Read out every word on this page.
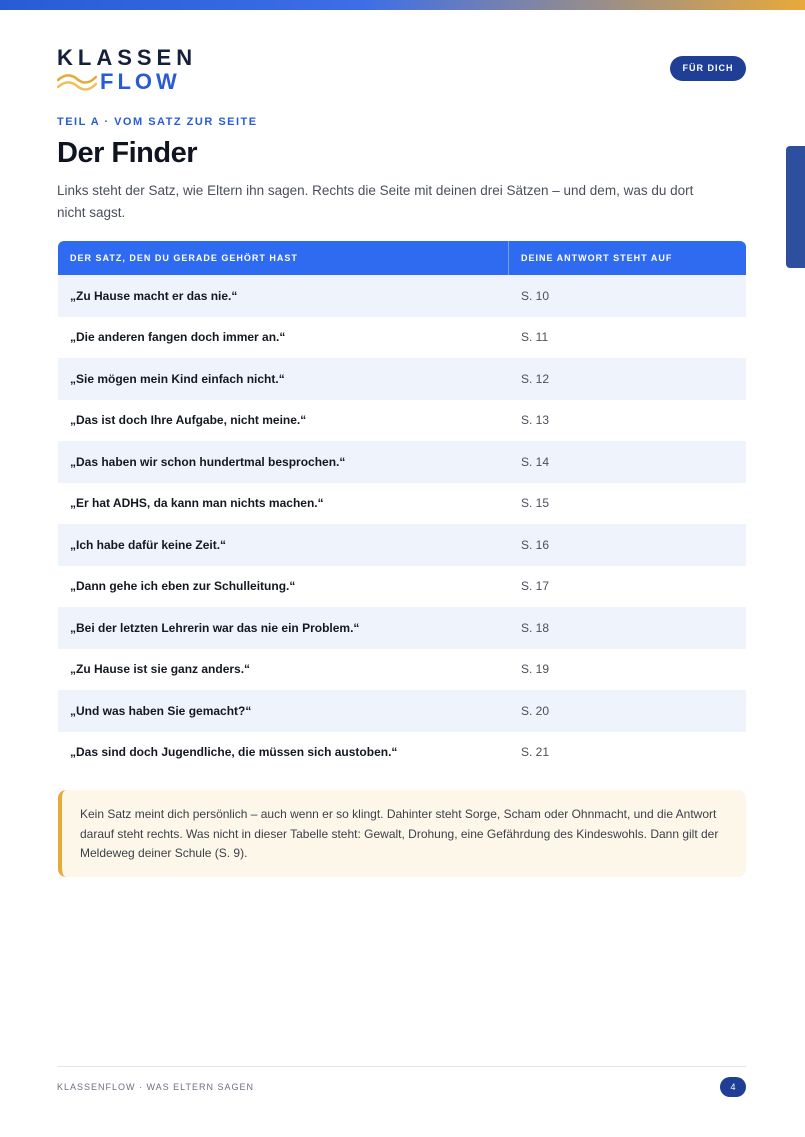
KLASSEN
FLOW
FÜR DICH
TEIL A · VOM SATZ ZUR SEITE
Der Finder

Links steht der Satz, wie Eltern ihn sagen. Rechts die Seite mit deinen drei Sätzen – und dem, was du dort nicht sagst.

DER SATZ, DEN DU GERADE GEHÖRT HAST	DEINE ANTWORT STEHT AUF
„Zu Hause macht er das nie.“	S. 10
„Die anderen fangen doch immer an.“	S. 11
„Sie mögen mein Kind einfach nicht.“	S. 12
„Das ist doch Ihre Aufgabe, nicht meine.“	S. 13
„Das haben wir schon hundertmal besprochen.“	S. 14
„Er hat ADHS, da kann man nichts machen.“	S. 15
„Ich habe dafür keine Zeit.“	S. 16
„Dann gehe ich eben zur Schulleitung.“	S. 17
„Bei der letzten Lehrerin war das nie ein Problem.“	S. 18
„Zu Hause ist sie ganz anders.“	S. 19
„Und was haben Sie gemacht?“	S. 20
„Das sind doch Jugendliche, die müssen sich austoben.“	S. 21

Kein Satz meint dich persönlich – auch wenn er so klingt. Dahinter steht Sorge, Scham oder Ohnmacht, und die Antwort darauf steht rechts. Was nicht in dieser Tabelle steht: Gewalt, Drohung, eine Gefährdung des Kindeswohls. Dann gilt der Meldeweg deiner Schule (S. 9).

KLASSENFLOW · WAS ELTERN SAGEN	4
